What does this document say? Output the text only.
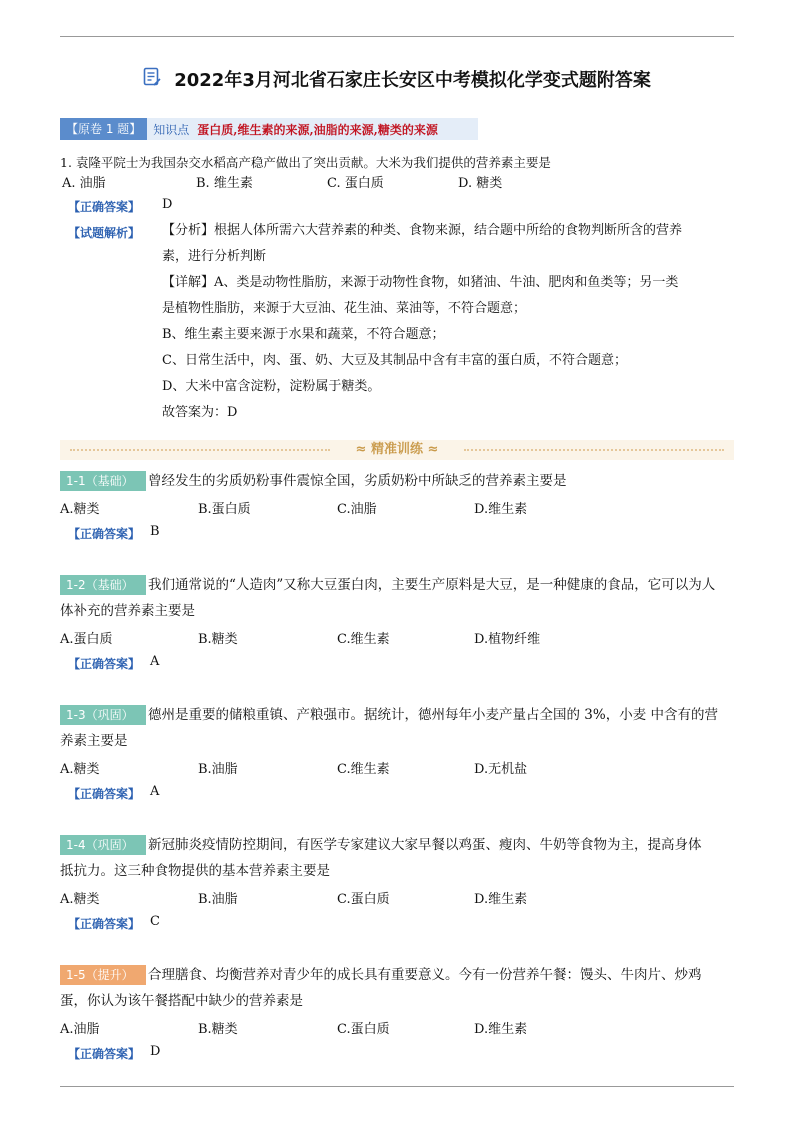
2022年3月河北省石家庄长安区中考模拟化学变式题附答案
【原卷 1 题】	知识点 蛋白质,维生素的来源,油脂的来源,糖类的来源
1. 袁隆平院士为我国杂交水稻高产稳产做出了突出贡献。大米为我们提供的营养素主要是
A. 油脂	B. 维生素	C. 蛋白质	D. 糖类
【正确答案】 D
【试题解析】 【分析】根据人体所需六大营养素的种类、食物来源，结合题中所给的食物判断所含的营养
素，进行分析判断
【详解】A、类是动物性脂肪，来源于动物性食物，如猪油、牛油、肥肉和鱼类等；另一类
是植物性脂肪，来源于大豆油、花生油、菜油等，不符合题意；
B、维生素主要来源于水果和蔬菜，不符合题意；
C、日常生活中，肉、蛋、奶、大豆及其制品中含有丰富的蛋白质，不符合题意；
D、大米中富含淀粉，淀粉属于糖类。
故答案为：D
≈ 精准训练 ≈
1-1（基础）	曾经发生的劣质奶粉事件震惊全国，劣质奶粉中所缺乏的营养素主要是
A.糖类	B.蛋白质	C.油脂	D.维生素
【正确答案】 B
1-2（基础）	我们通常说的“人造肉”又称大豆蛋白肉，主要生产原料是大豆，是一种健康的食品，它可以为人
体补充的营养素主要是
A.蛋白质	B.糖类	C.维生素	D.植物纤维
【正确答案】 A
1-3（巩固）	德州是重要的储粮重镇、产粮强市。据统计，德州每年小麦产量占全国的 3%，小麦 中含有的营
养素主要是
A.糖类	B.油脂	C.维生素	D.无机盐
【正确答案】 A
1-4（巩固）	新冠肺炎疫情防控期间，有医学专家建议大家早餐以鸡蛋、瘦肉、牛奶等食物为主，提高身体
抵抗力。这三种食物提供的基本营养素主要是
A.糖类	B.油脂	C.蛋白质	D.维生素
【正确答案】 C
1-5（提升）	合理膳食、均衡营养对青少年的成长具有重要意义。今有一份营养午餐：馒头、牛肉片、炒鸡
蛋，你认为该午餐搭配中缺少的营养素是
A.油脂	B.糖类	C.蛋白质	D.维生素
【正确答案】 D
